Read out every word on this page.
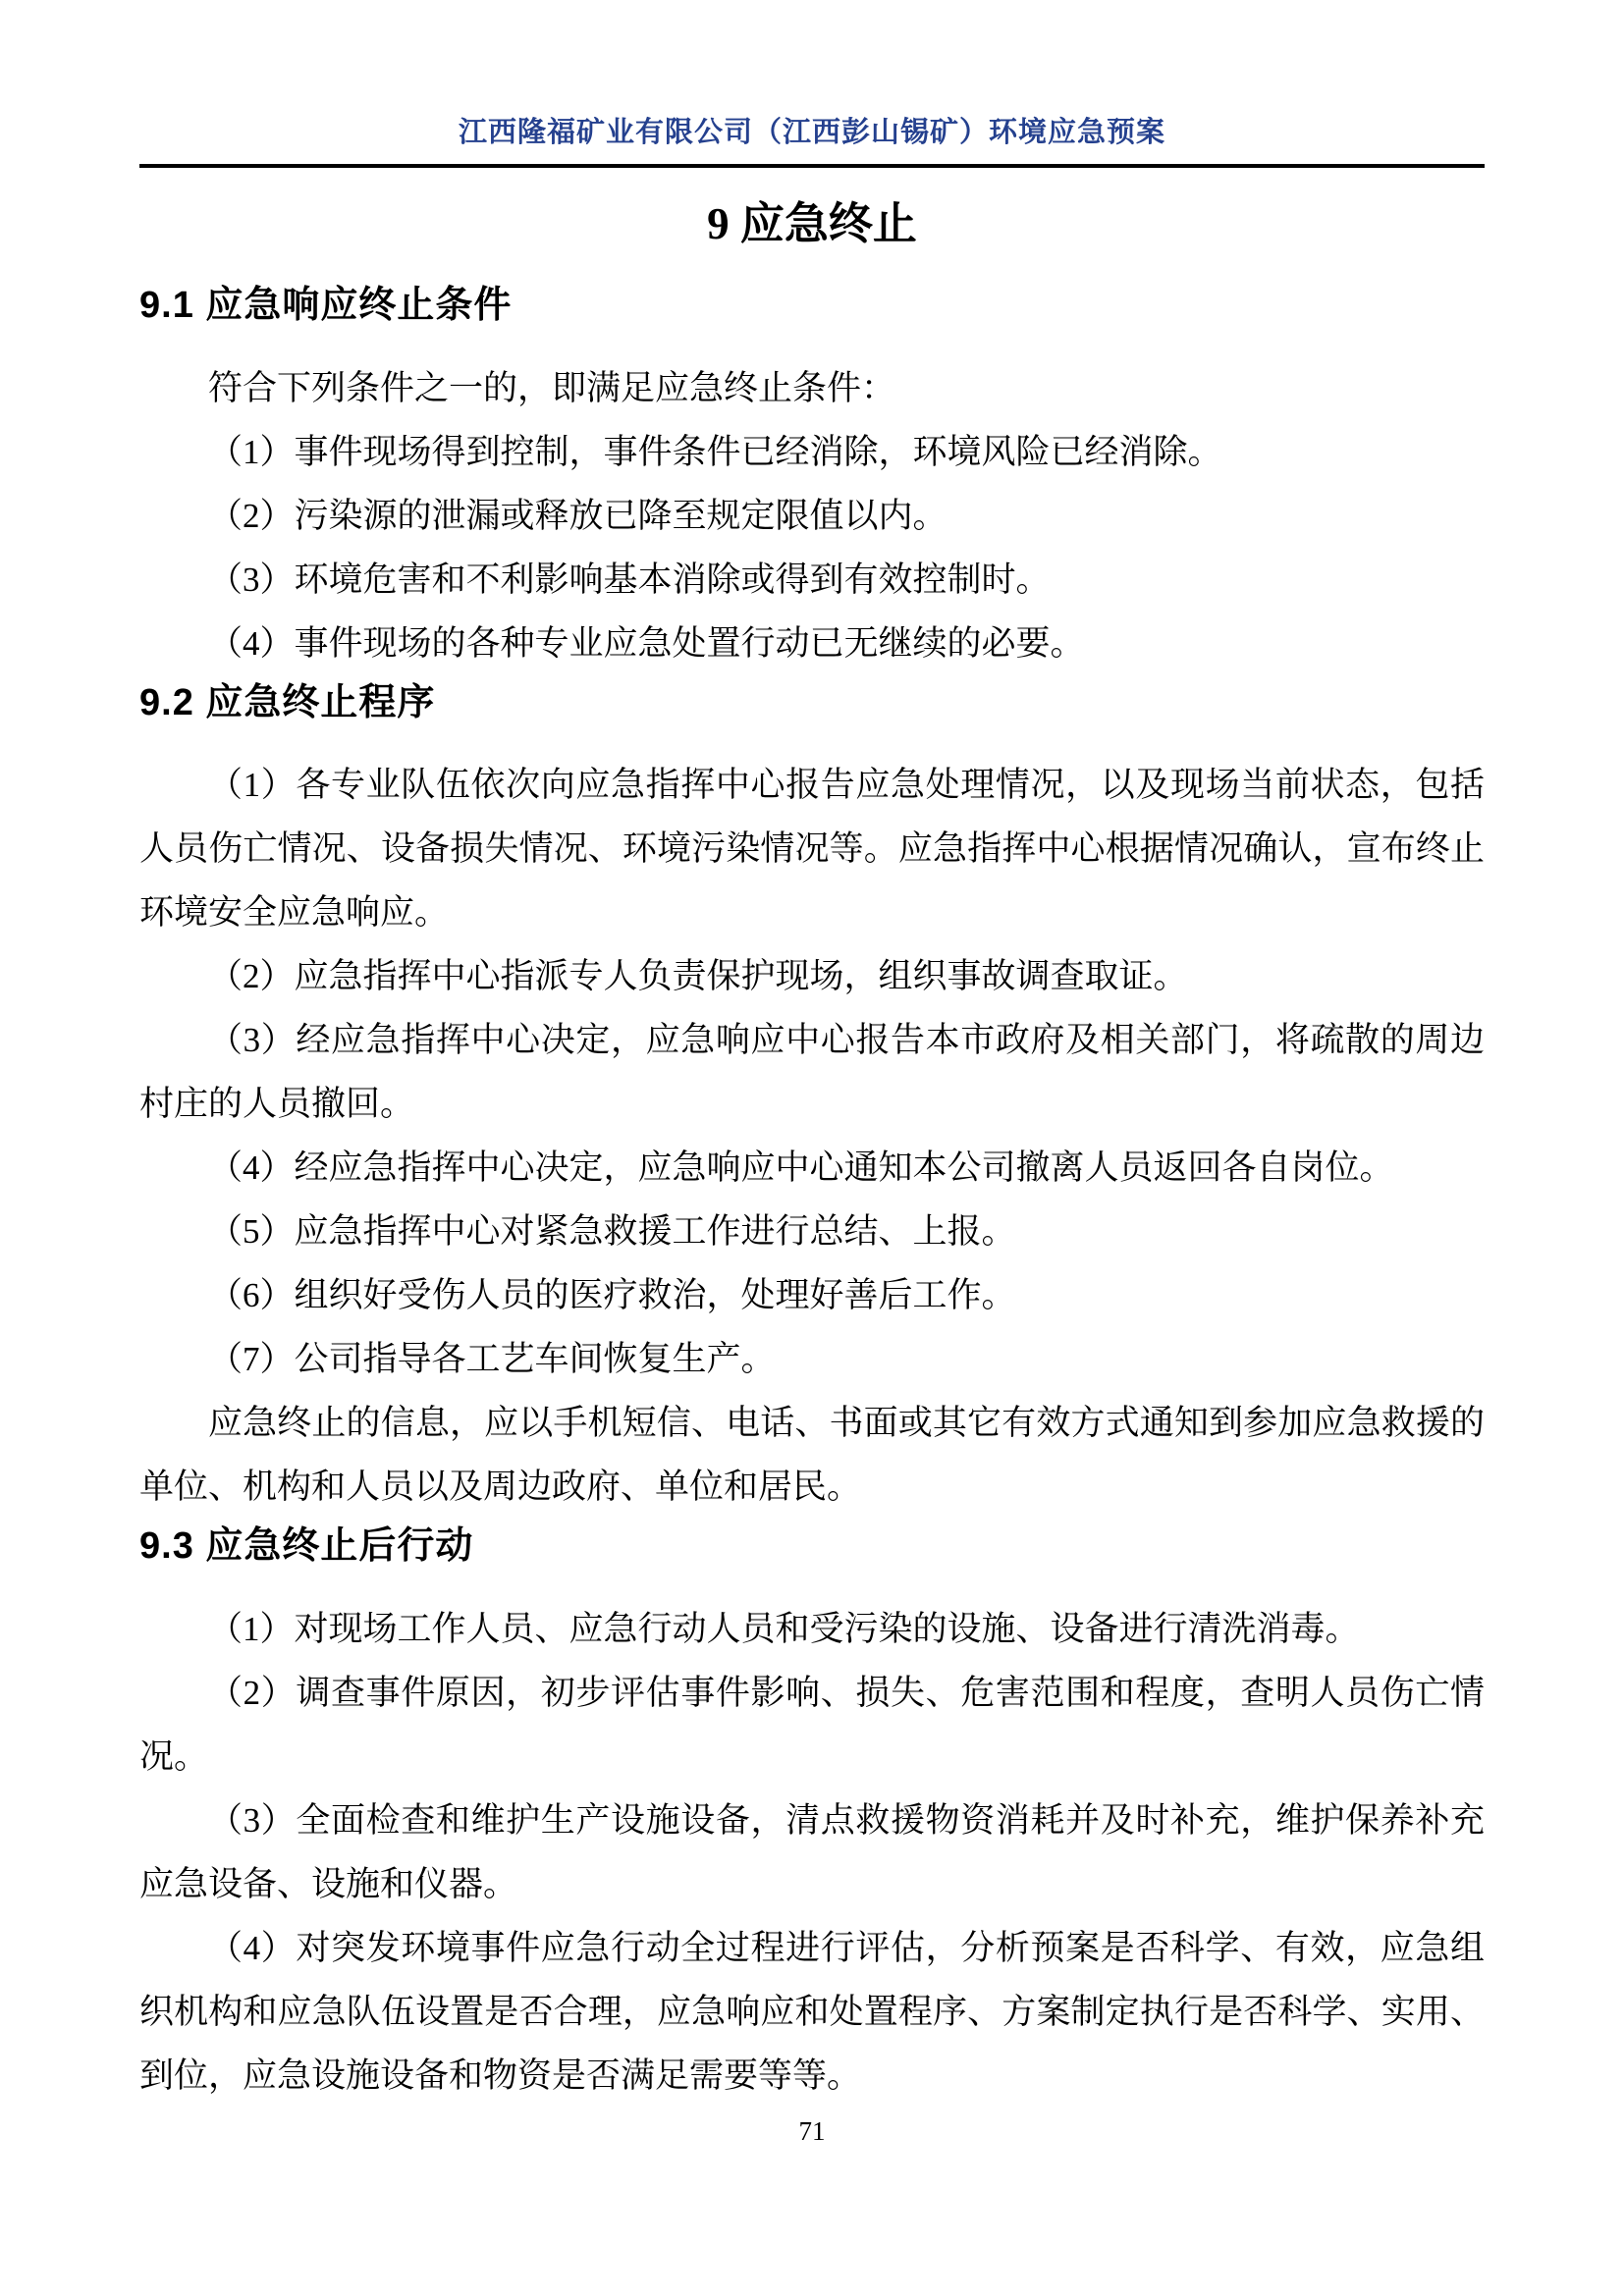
江西隆福矿业有限公司（江西彭山锡矿）环境应急预案
9 应急终止
9.1 应急响应终止条件

符合下列条件之一的，即满足应急终止条件：

（1）事件现场得到控制，事件条件已经消除，环境风险已经消除。

（2）污染源的泄漏或释放已降至规定限值以内。

（3）环境危害和不利影响基本消除或得到有效控制时。

（4）事件现场的各种专业应急处置行动已无继续的必要。

9.2 应急终止程序

（1）各专业队伍依次向应急指挥中心报告应急处理情况，以及现场当前状态，包括人员伤亡情况、设备损失情况、环境污染情况等。应急指挥中心根据情况确认，宣布终止环境安全应急响应。

（2）应急指挥中心指派专人负责保护现场，组织事故调查取证。

（3）经应急指挥中心决定，应急响应中心报告本市政府及相关部门，将疏散的周边村庄的人员撤回。

（4）经应急指挥中心决定，应急响应中心通知本公司撤离人员返回各自岗位。

（5）应急指挥中心对紧急救援工作进行总结、上报。

（6）组织好受伤人员的医疗救治，处理好善后工作。

（7）公司指导各工艺车间恢复生产。

应急终止的信息，应以手机短信、电话、书面或其它有效方式通知到参加应急救援的单位、机构和人员以及周边政府、单位和居民。

9.3 应急终止后行动

（1）对现场工作人员、应急行动人员和受污染的设施、设备进行清洗消毒。

（2）调查事件原因，初步评估事件影响、损失、危害范围和程度，查明人员伤亡情况。

（3）全面检查和维护生产设施设备，清点救援物资消耗并及时补充，维护保养补充应急设备、设施和仪器。

（4）对突发环境事件应急行动全过程进行评估，分析预案是否科学、有效，应急组织机构和应急队伍设置是否合理，应急响应和处置程序、方案制定执行是否科学、实用、到位，应急设施设备和物资是否满足需要等等。

71
